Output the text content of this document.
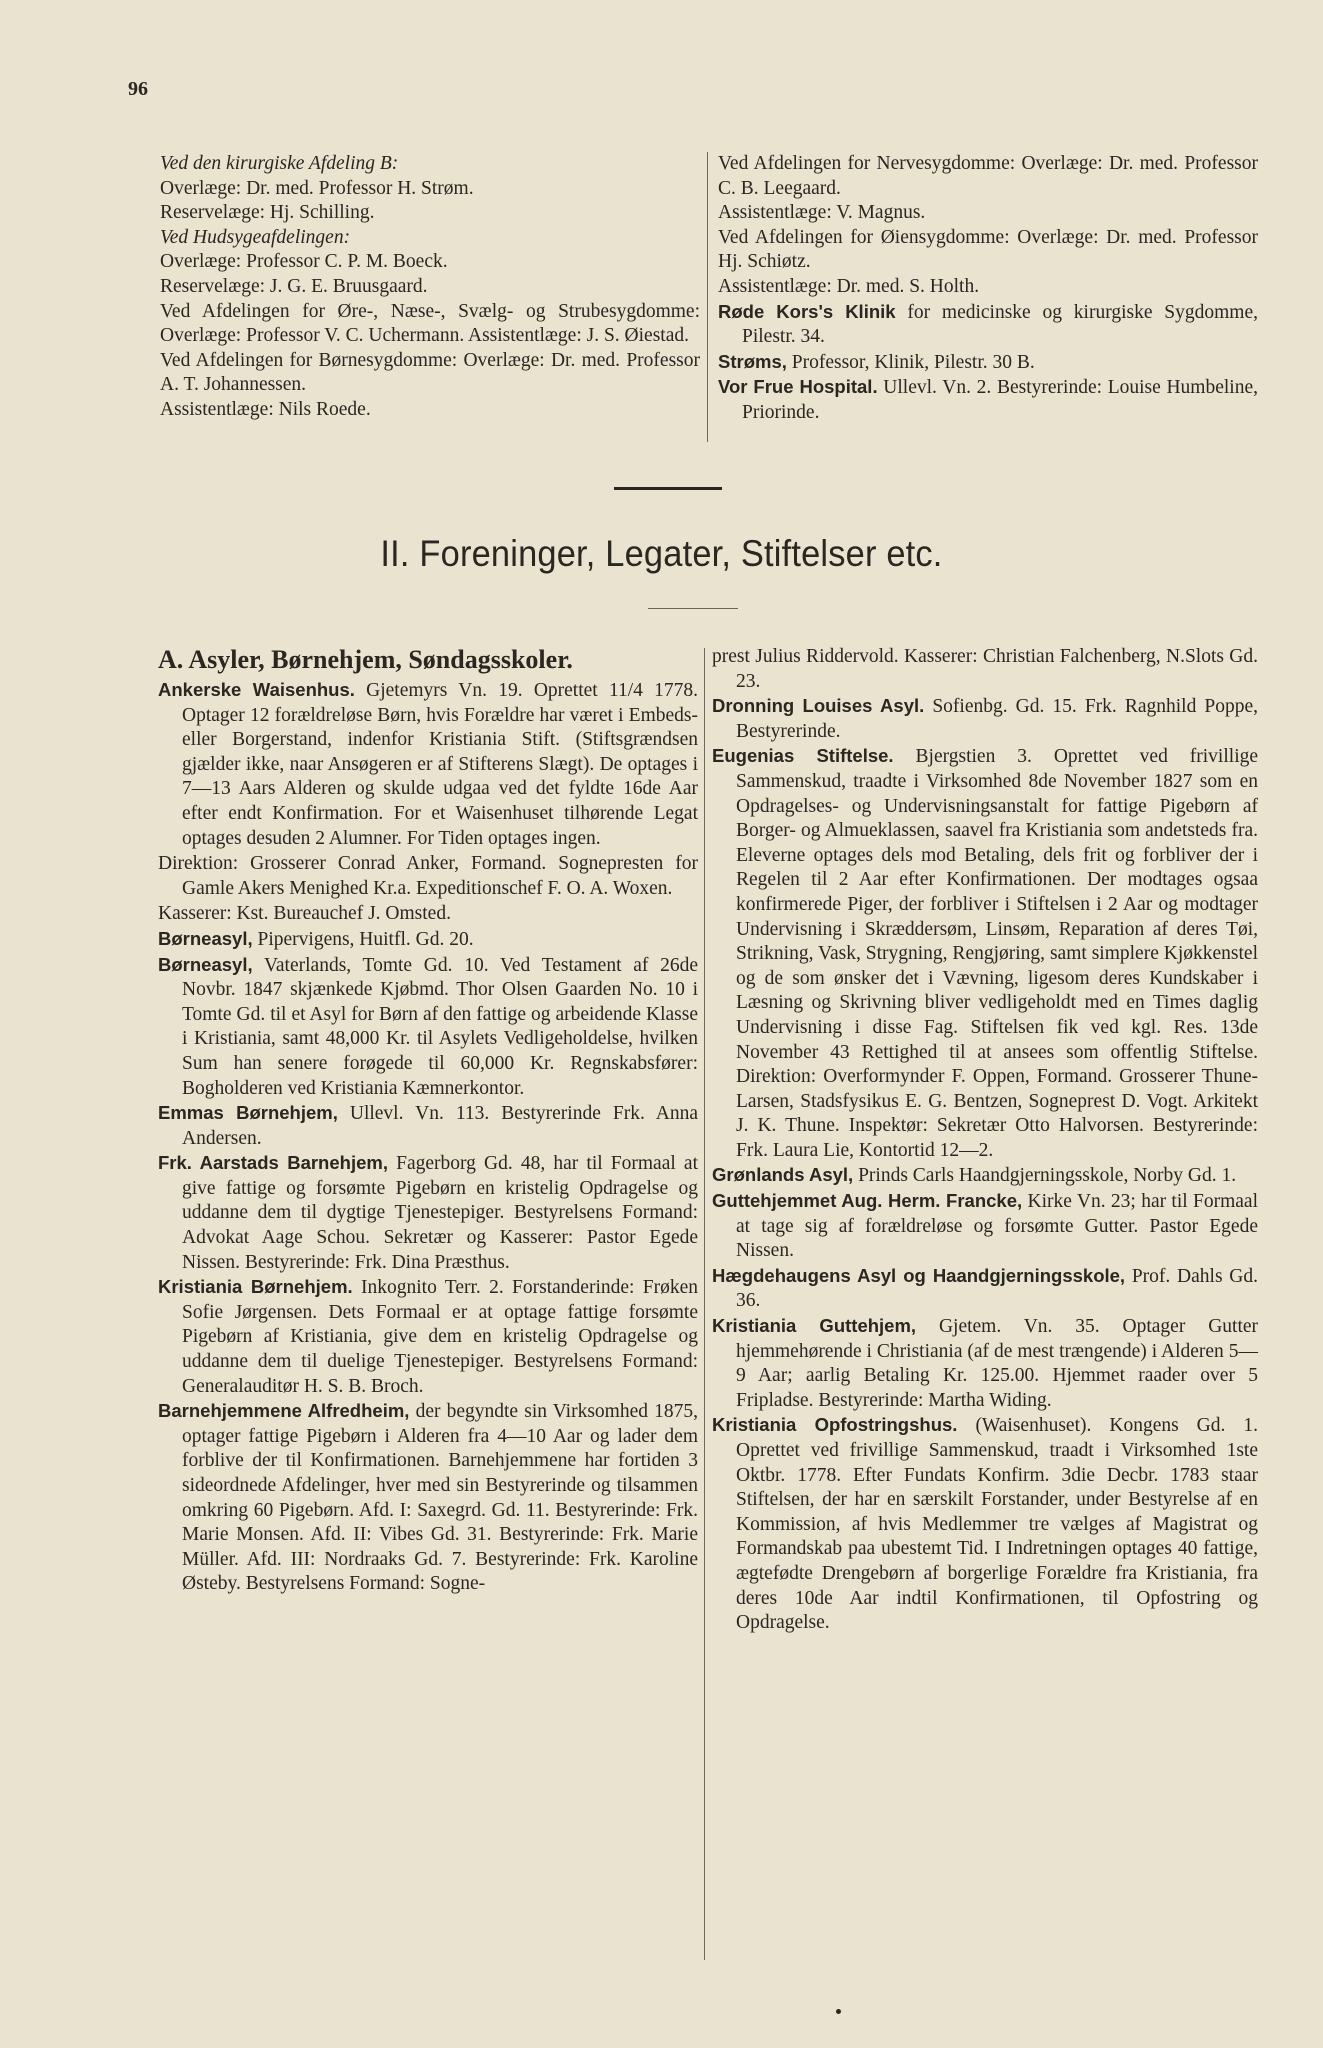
96

Ved den kirurgiske Afdeling B:

Overlæge: Dr. med. Professor H. Strøm.

Reservelæge: Hj. Schilling.

Ved Hudsygeafdelingen:

Overlæge: Professor C. P. M. Boeck.

Reservelæge: J. G. E. Bruusgaard.

Ved Afdelingen for Øre-, Næse-, Svælg- og Strubesygdomme: Overlæge: Professor V. C. Uchermann. Assistentlæge: J. S. Øiestad.

Ved Afdelingen for Børnesygdomme: Overlæge: Dr. med. Professor A. T. Johannessen.

Assistentlæge: Nils Roede.

Ved Afdelingen for Nervesygdomme: Overlæge: Dr. med. Professor C. B. Leegaard.

Assistentlæge: V. Magnus.

Ved Afdelingen for Øiensygdomme: Overlæge: Dr. med. Professor Hj. Schiøtz.

Assistentlæge: Dr. med. S. Holth.

Røde Kors's Klinik for medicinske og kirurgiske Sygdomme, Pilestr. 34.

Strøms, Professor, Klinik, Pilestr. 30 B.

Vor Frue Hospital. Ullevl. Vn. 2. Bestyrerinde: Louise Humbeline, Priorinde.

II. Foreninger, Legater, Stiftelser etc.

A. Asyler, Børnehjem, Søndagsskoler.

Ankerske Waisenhus. Gjetemyrs Vn. 19. Oprettet 11/4 1778. Optager 12 forældreløse Børn, hvis Forældre har været i Embeds- eller Borgerstand, indenfor Kristiania Stift. (Stiftsgrændsen gjælder ikke, naar Ansøgeren er af Stifterens Slægt). De optages i 7—13 Aars Alderen og skulde udgaa ved det fyldte 16de Aar efter endt Konfirmation. For et Waisenhuset tilhørende Legat optages desuden 2 Alumner. For Tiden optages ingen.

Direktion: Grosserer Conrad Anker, Formand. Sognepresten for Gamle Akers Menighed Kr.a. Expeditionschef F. O. A. Woxen.

Kasserer: Kst. Bureauchef J. Omsted.

Børneasyl, Pipervigens, Huitfl. Gd. 20.

Børneasyl, Vaterlands, Tomte Gd. 10. Ved Testament af 26de Novbr. 1847 skjænkede Kjøbmd. Thor Olsen Gaarden No. 10 i Tomte Gd. til et Asyl for Børn af den fattige og arbeidende Klasse i Kristiania, samt 48,000 Kr. til Asylets Vedligeholdelse, hvilken Sum han senere forøgede til 60,000 Kr. Regnskabsfører: Bogholderen ved Kristiania Kæmnerkontor.

Emmas Børnehjem, Ullevl. Vn. 113. Bestyrerinde Frk. Anna Andersen.

Frk. Aarstads Barnehjem, Fagerborg Gd. 48, har til Formaal at give fattige og forsømte Pigebørn en kristelig Opdragelse og uddanne dem til dygtige Tjenestepiger. Bestyrelsens Formand: Advokat Aage Schou. Sekretær og Kasserer: Pastor Egede Nissen. Bestyrerinde: Frk. Dina Præsthus.

Kristiania Børnehjem. Inkognito Terr. 2. Forstanderinde: Frøken Sofie Jørgensen. Dets Formaal er at optage fattige forsømte Pigebørn af Kristiania, give dem en kristelig Opdragelse og uddanne dem til duelige Tjenestepiger. Bestyrelsens Formand: Generalauditør H. S. B. Broch.

Barnehjemmene Alfredheim, der begyndte sin Virksomhed 1875, optager fattige Pigebørn i Alderen fra 4—10 Aar og lader dem forblive der til Konfirmationen. Barnehjemmene har fortiden 3 sideordnede Afdelinger, hver med sin Bestyrerinde og tilsammen omkring 60 Pigebørn. Afd. I: Saxegrd. Gd. 11. Bestyrerinde: Frk. Marie Monsen. Afd. II: Vibes Gd. 31. Bestyrerinde: Frk. Marie Müller. Afd. III: Nordraaks Gd. 7. Bestyrerinde: Frk. Karoline Østeby. Bestyrelsens Formand: Sogne-

prest Julius Riddervold. Kasserer: Christian Falchenberg, N.Slots Gd. 23.

Dronning Louises Asyl. Sofienbg. Gd. 15. Frk. Ragnhild Poppe, Bestyrerinde.

Eugenias Stiftelse. Bjergstien 3. Oprettet ved frivillige Sammenskud, traadte i Virksomhed 8de November 1827 som en Opdragelses- og Undervisningsanstalt for fattige Pigebørn af Borger- og Almueklassen, saavel fra Kristiania som andetsteds fra. Eleverne optages dels mod Betaling, dels frit og forbliver der i Regelen til 2 Aar efter Konfirmationen. Der modtages ogsaa konfirmerede Piger, der forbliver i Stiftelsen i 2 Aar og modtager Undervisning i Skræddersøm, Linsøm, Reparation af deres Tøi, Strikning, Vask, Strygning, Rengjøring, samt simplere Kjøkkenstel og de som ønsker det i Vævning, ligesom deres Kundskaber i Læsning og Skrivning bliver vedligeholdt med en Times daglig Undervisning i disse Fag. Stiftelsen fik ved kgl. Res. 13de November 43 Rettighed til at ansees som offentlig Stiftelse. Direktion: Overformynder F. Oppen, Formand. Grosserer Thune-Larsen, Stadsfysikus E. G. Bentzen, Sogneprest D. Vogt. Arkitekt J. K. Thune. Inspektør: Sekretær Otto Halvorsen. Bestyrerinde: Frk. Laura Lie, Kontortid 12—2.

Grønlands Asyl, Prinds Carls Haandgjerningsskole, Norby Gd. 1.

Guttehjemmet Aug. Herm. Francke, Kirke Vn. 23; har til Formaal at tage sig af forældreløse og forsømte Gutter. Pastor Egede Nissen.

Hægdehaugens Asyl og Haandgjerningsskole, Prof. Dahls Gd. 36.

Kristiania Guttehjem, Gjetem. Vn. 35. Optager Gutter hjemmehørende i Christiania (af de mest trængende) i Alderen 5—9 Aar; aarlig Betaling Kr. 125.00. Hjemmet raader over 5 Fripladse. Bestyrerinde: Martha Widing.

Kristiania Opfostringshus. (Waisenhuset). Kongens Gd. 1. Oprettet ved frivillige Sammenskud, traadt i Virksomhed 1ste Oktbr. 1778. Efter Fundats Konfirm. 3die Decbr. 1783 staar Stiftelsen, der har en særskilt Forstander, under Bestyrelse af en Kommission, af hvis Medlemmer tre vælges af Magistrat og Formandskab paa ubestemt Tid. I Indretningen optages 40 fattige, ægtefødte Drengebørn af borgerlige Forældre fra Kristiania, fra deres 10de Aar indtil Konfirmationen, til Opfostring og Opdragelse.
